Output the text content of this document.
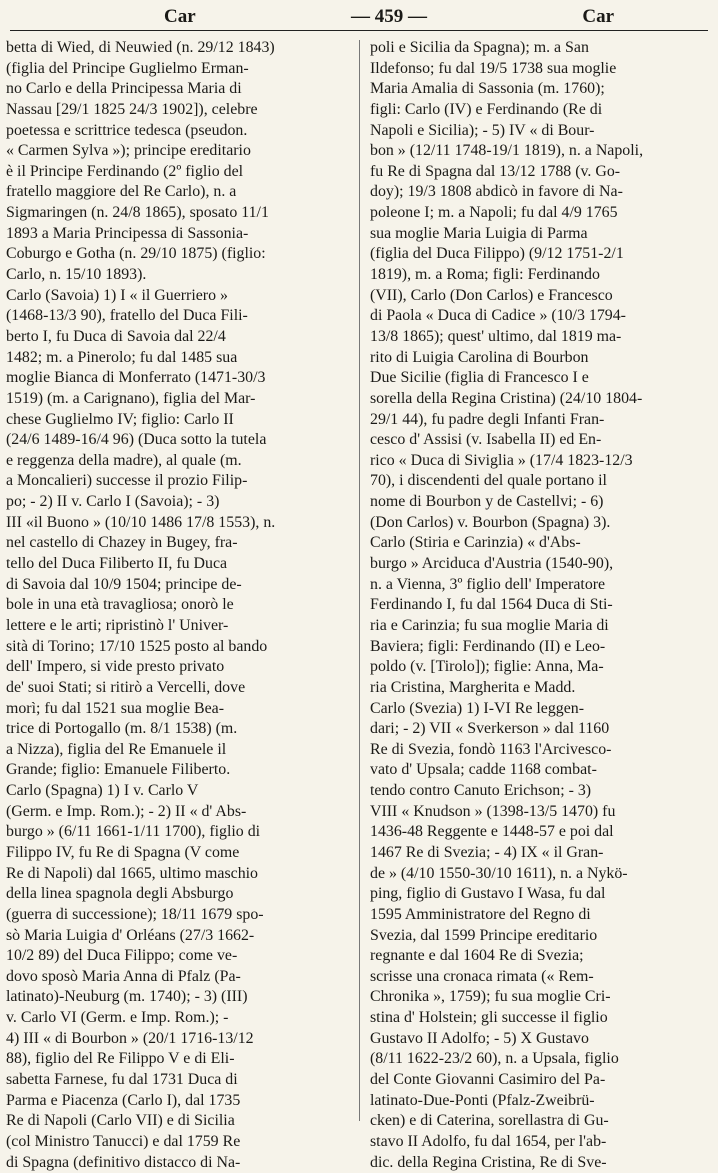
Car	— 459 —	Car
betta di Wied, di Neuwied (n. 29/12 1843)
(figlia del Principe Guglielmo Erman-
no Carlo e della Principessa Maria di
Nassau [29/1 1825 24/3 1902]), celebre
poetessa e scrittrice tedesca (pseudon.
« Carmen Sylva »); principe ereditario
è il Principe Ferdinando (2º figlio del
fratello maggiore del Re Carlo), n. a
Sigmaringen (n. 24/8 1865), sposato 11/1
1893 a Maria Principessa di Sassonia-
Coburgo e Gotha (n. 29/10 1875) (figlio:
Carlo, n. 15/10 1893).
Carlo (Savoia) 1) I « il Guerriero »
(1468-13/3 90), fratello del Duca Fili-
berto I, fu Duca di Savoia dal 22/4
1482; m. a Pinerolo; fu dal 1485 sua
moglie Bianca di Monferrato (1471-30/3
1519) (m. a Carignano), figlia del Mar-
chese Guglielmo IV; figlio: Carlo II
(24/6 1489-16/4 96) (Duca sotto la tutela
e reggenza della madre), al quale (m.
a Moncalieri) successe il prozio Filip-
po; - 2) II v. Carlo I (Savoia); - 3)
III «il Buono » (10/10 1486 17/8 1553), n.
nel castello di Chazey in Bugey, fra-
tello del Duca Filiberto II, fu Duca
di Savoia dal 10/9 1504; principe de-
bole in una età travagliosa; onorò le
lettere e le arti; ripristinò l' Univer-
sità di Torino; 17/10 1525 posto al bando
dell' Impero, si vide presto privato
de' suoi Stati; si ritirò a Vercelli, dove
morì; fu dal 1521 sua moglie Bea-
trice di Portogallo (m. 8/1 1538) (m.
a Nizza), figlia del Re Emanuele il
Grande; figlio: Emanuele Filiberto.
Carlo (Spagna) 1) I v. Carlo V
(Germ. e Imp. Rom.); - 2) II « d' Abs-
burgo » (6/11 1661-1/11 1700), figlio di
Filippo IV, fu Re di Spagna (V come
Re di Napoli) dal 1665, ultimo maschio
della linea spagnola degli Absburgo
(guerra di successione); 18/11 1679 spo-
sò Maria Luigia d' Orléans (27/3 1662-
10/2 89) del Duca Filippo; come ve-
dovo sposò Maria Anna di Pfalz (Pa-
latinato)-Neuburg (m. 1740); - 3) (III)
v. Carlo VI (Germ. e Imp. Rom.); -
4) III « di Bourbon » (20/1 1716-13/12
88), figlio del Re Filippo V e di Eli-
sabetta Farnese, fu dal 1731 Duca di
Parma e Piacenza (Carlo I), dal 1735
Re di Napoli (Carlo VII) e di Sicilia
(col Ministro Tanucci) e dal 1759 Re
di Spagna (definitivo distacco di Na-
poli e Sicilia da Spagna); m. a San
Ildefonso; fu dal 19/5 1738 sua moglie
Maria Amalia di Sassonia (m. 1760);
figli: Carlo (IV) e Ferdinando (Re di
Napoli e Sicilia); - 5) IV « di Bour-
bon » (12/11 1748-19/1 1819), n. a Napoli,
fu Re di Spagna dal 13/12 1788 (v. Go-
doy); 19/3 1808 abdicò in favore di Na-
poleone I; m. a Napoli; fu dal 4/9 1765
sua moglie Maria Luigia di Parma
(figlia del Duca Filippo) (9/12 1751-2/1
1819), m. a Roma; figli: Ferdinando
(VII), Carlo (Don Carlos) e Francesco
di Paola « Duca di Cadice » (10/3 1794-
13/8 1865); quest' ultimo, dal 1819 ma-
rito di Luigia Carolina di Bourbon
Due Sicilie (figlia di Francesco I e
sorella della Regina Cristina) (24/10 1804-
29/1 44), fu padre degli Infanti Fran-
cesco d' Assisi (v. Isabella II) ed En-
rico « Duca di Siviglia » (17/4 1823-12/3
70), i discendenti del quale portano il
nome di Bourbon y de Castellvi; - 6)
(Don Carlos) v. Bourbon (Spagna) 3).
Carlo (Stiria e Carinzia) « d'Abs-
burgo » Arciduca d'Austria (1540-90),
n. a Vienna, 3º figlio dell' Imperatore
Ferdinando I, fu dal 1564 Duca di Sti-
ria e Carinzia; fu sua moglie Maria di
Baviera; figli: Ferdinando (II) e Leo-
poldo (v. [Tirolo]); figlie: Anna, Ma-
ria Cristina, Margherita e Madd.
Carlo (Svezia) 1) I-VI Re leggen-
dari; - 2) VII « Sverkerson » dal 1160
Re di Svezia, fondò 1163 l'Arcivesco-
vato d' Upsala; cadde 1168 combat-
tendo contro Canuto Erichson; - 3)
VIII « Knudson » (1398-13/5 1470) fu
1436-48 Reggente e 1448-57 e poi dal
1467 Re di Svezia; - 4) IX « il Gran-
de » (4/10 1550-30/10 1611), n. a Nykö-
ping, figlio di Gustavo I Wasa, fu dal
1595 Amministratore del Regno di
Svezia, dal 1599 Principe ereditario
regnante e dal 1604 Re di Svezia;
scrisse una cronaca rimata (« Rem-
Chronika », 1759); fu sua moglie Cri-
stina d' Holstein; gli successe il figlio
Gustavo II Adolfo; - 5) X Gustavo
(8/11 1622-23/2 60), n. a Upsala, figlio
del Conte Giovanni Casimiro del Pa-
latinato-Due-Ponti (Pfalz-Zweibrü-
cken) e di Caterina, sorellastra di Gu-
stavo II Adolfo, fu dal 1654, per l'ab-
dic. della Regina Cristina, Re di Sve-
